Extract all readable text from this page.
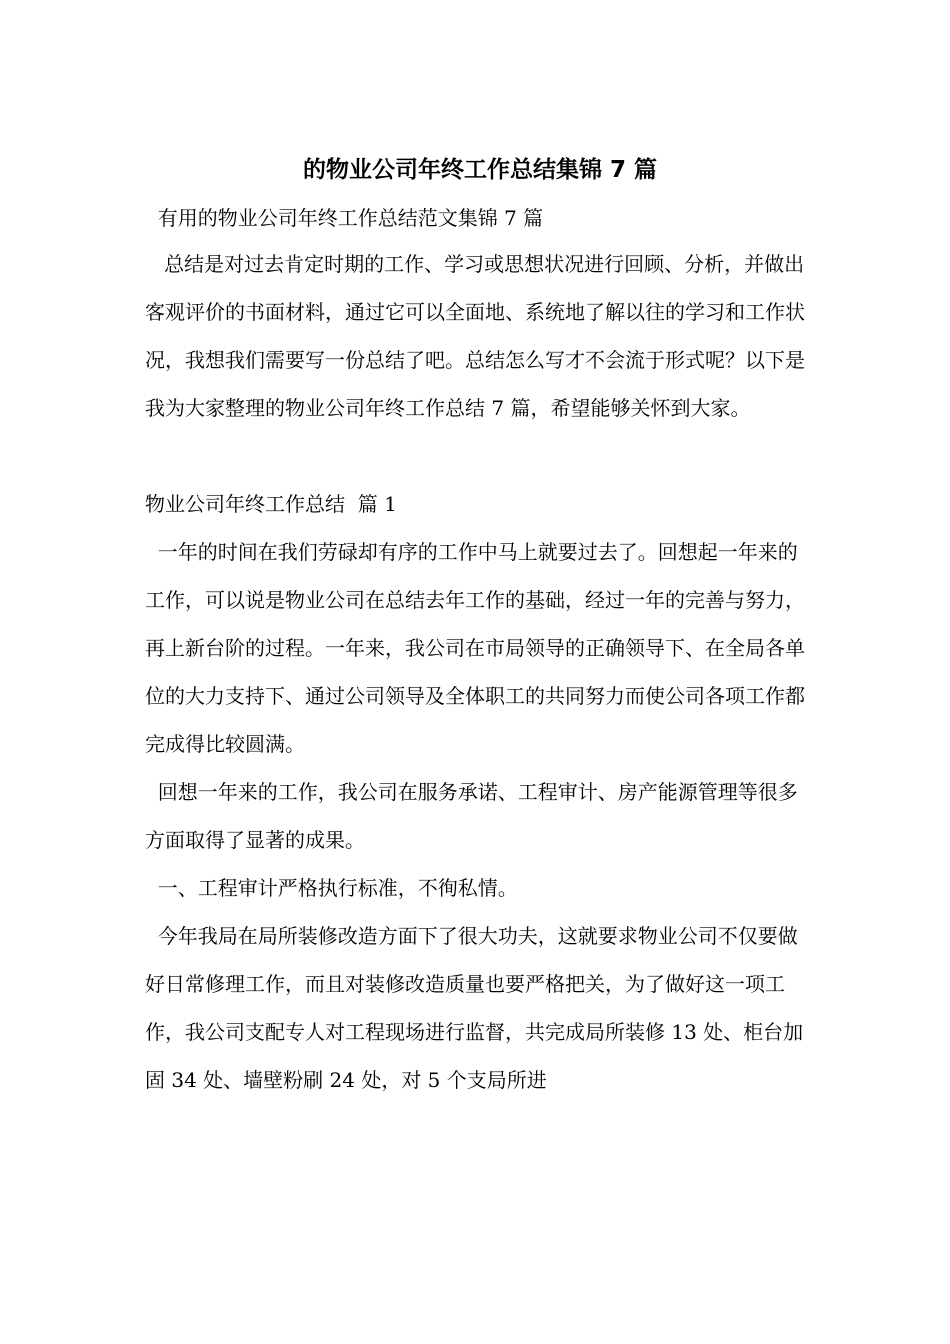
的物业公司年终工作总结集锦 7 篇

有用的物业公司年终工作总结范文集锦 7 篇

总结是对过去肯定时期的工作、学习或思想状况进行回顾、分析，并做出客观评价的书面材料，通过它可以全面地、系统地了解以往的学习和工作状况，我想我们需要写一份总结了吧。总结怎么写才不会流于形式呢？以下是我为大家整理的物业公司年终工作总结 7 篇，希望能够关怀到大家。

物业公司年终工作总结  篇 1

一年的时间在我们劳碌却有序的工作中马上就要过去了。回想起一年来的工作，可以说是物业公司在总结去年工作的基础，经过一年的完善与努力，再上新台阶的过程。一年来，我公司在市局领导的正确领导下、在全局各单位的大力支持下、通过公司领导及全体职工的共同努力而使公司各项工作都完成得比较圆满。

回想一年来的工作，我公司在服务承诺、工程审计、房产能源管理等很多方面取得了显著的成果。

一、工程审计严格执行标准，不徇私情。

今年我局在局所装修改造方面下了很大功夫，这就要求物业公司不仅要做好日常修理工作，而且对装修改造质量也要严格把关，为了做好这一项工作，我公司支配专人对工程现场进行监督，共完成局所装修 13 处、柜台加固 34 处、墙壁粉刷 24 处，对 5 个支局所进
